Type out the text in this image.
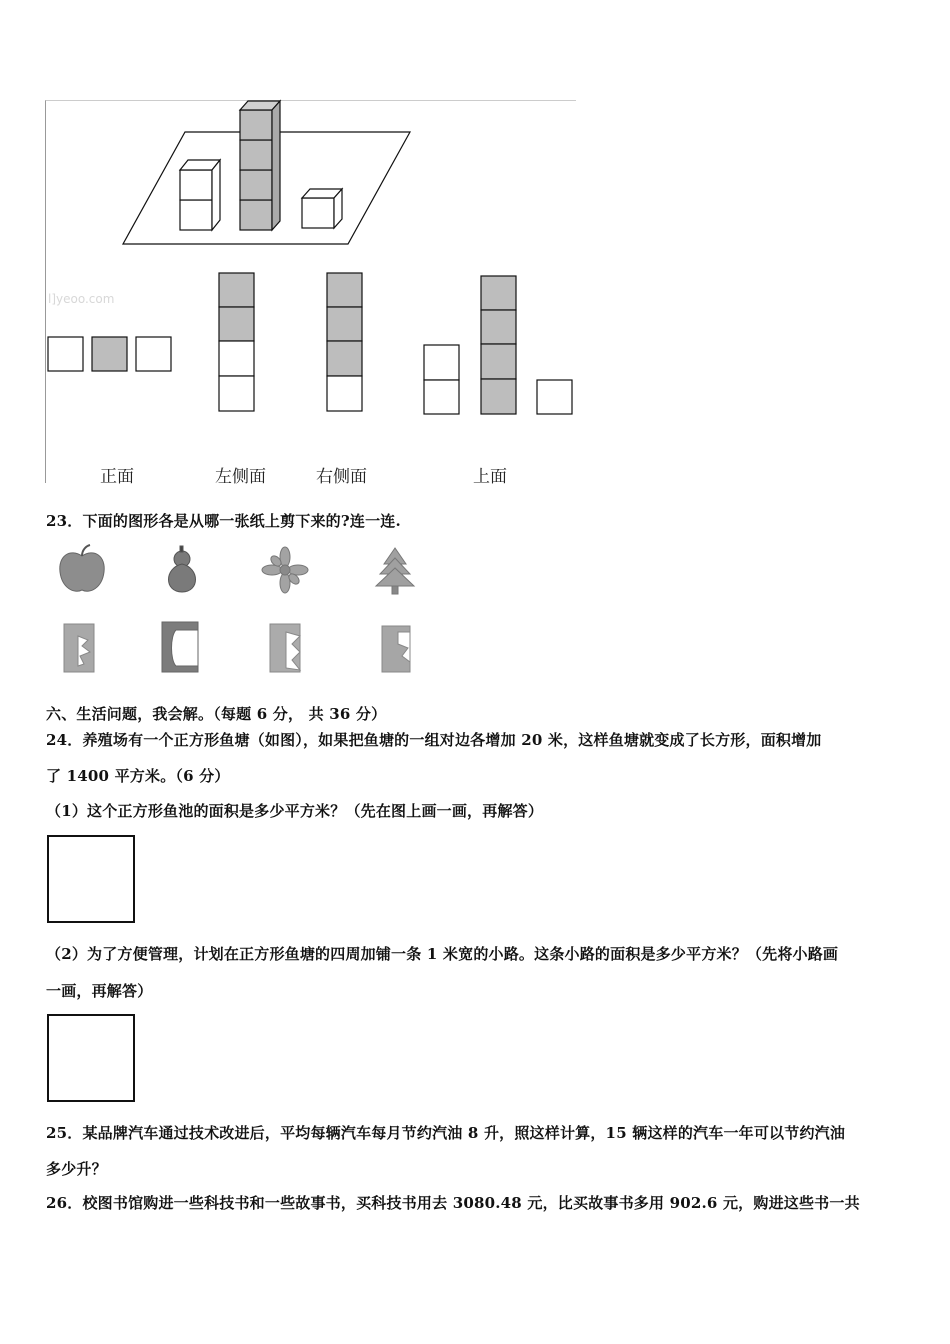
l]yeoo.com
正面	左侧面	右侧面	上面
23．下面的图形各是从哪一张纸上剪下来的?连一连.
六、生活问题，我会解。（每题 6 分， 共 36 分）
24．养殖场有一个正方形鱼塘（如图），如果把鱼塘的一组对边各增加 20 米，这样鱼塘就变成了长方形，面积增加
了 1400 平方米。（6 分）
（1）这个正方形鱼池的面积是多少平方米？（先在图上画一画，再解答）
（2）为了方便管理，计划在正方形鱼塘的四周加铺一条 1 米宽的小路。这条小路的面积是多少平方米？（先将小路画
一画，再解答）
25．某品牌汽车通过技术改进后，平均每辆汽车每月节约汽油 8 升，照这样计算，15 辆这样的汽车一年可以节约汽油
多少升？
26．校图书馆购进一些科技书和一些故事书，买科技书用去 3080.48 元，比买故事书多用 902.6 元，购进这些书一共
